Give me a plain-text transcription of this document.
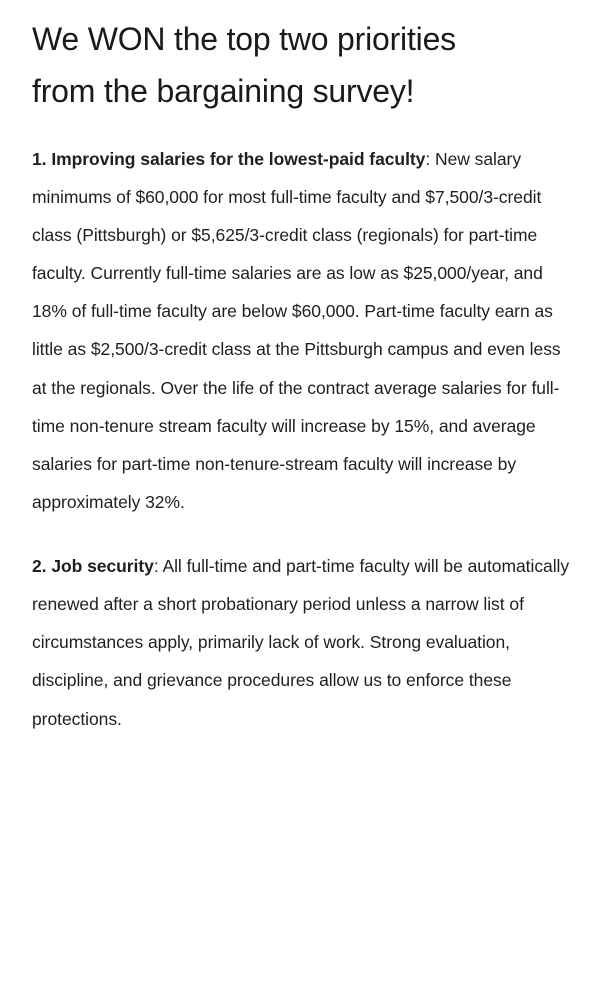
We WON the top two priorities from the bargaining survey!

1. Improving salaries for the lowest-paid faculty: New salary minimums of $60,000 for most full-time faculty and $7,500/3-credit class (Pittsburgh) or $5,625/3-credit class (regionals) for part-time faculty. Currently full-time salaries are as low as $25,000/year, and 18% of full-time faculty are below $60,000. Part-time faculty earn as little as $2,500/3-credit class at the Pittsburgh campus and even less at the regionals. Over the life of the contract average salaries for full-time non-tenure stream faculty will increase by 15%, and average salaries for part-time non-tenure-stream faculty will increase by approximately 32%.

2. Job security: All full-time and part-time faculty will be automatically renewed after a short probationary period unless a narrow list of circumstances apply, primarily lack of work. Strong evaluation, discipline, and grievance procedures allow us to enforce these protections.
